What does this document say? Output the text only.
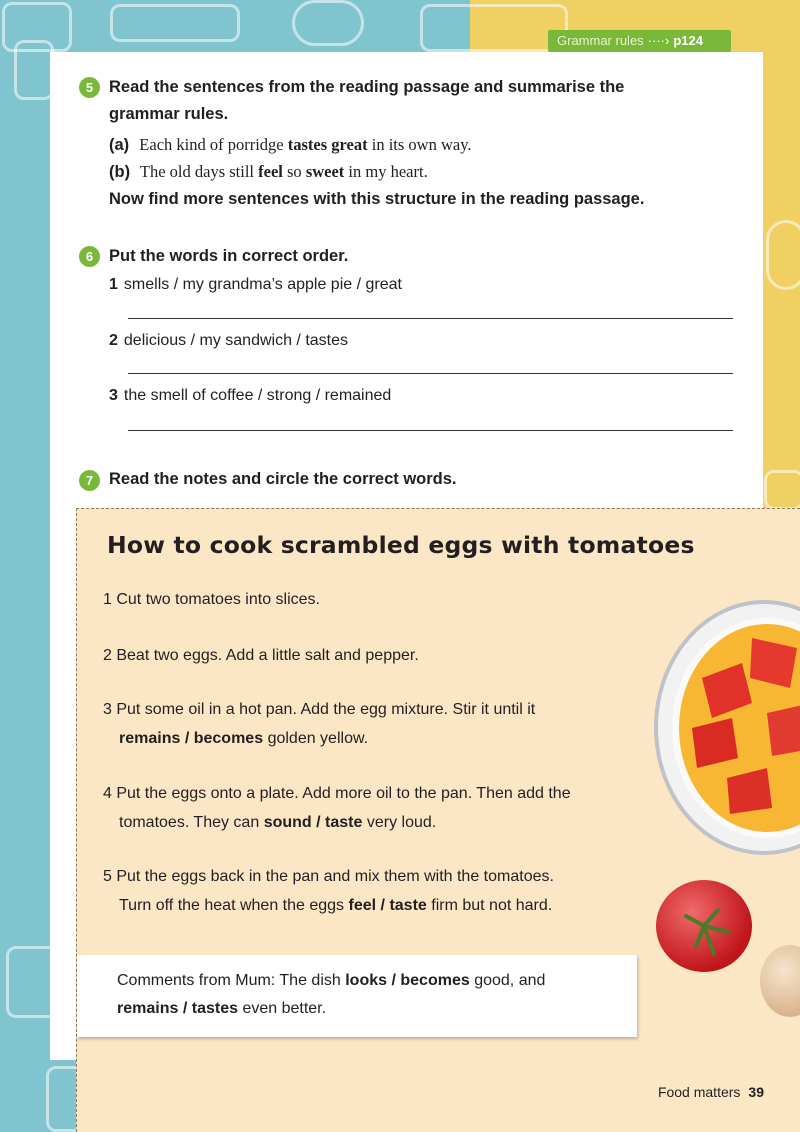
Grammar rules ····› p124
5 Read the sentences from the reading passage and summarise the
grammar rules.
(a) Each kind of porridge tastes great in its own way.
(b) The old days still feel so sweet in my heart.
Now find more sentences with this structure in the reading passage.
6 Put the words in correct order.
1 smells / my grandma’s apple pie / great
2 delicious / my sandwich / tastes
3 the smell of coffee / strong / remained
7 Read the notes and circle the correct words.
How to cook scrambled eggs with tomatoes
1 Cut two tomatoes into slices.
2 Beat two eggs. Add a little salt and pepper.
3 Put some oil in a hot pan. Add the egg mixture. Stir it until it
remains / becomes golden yellow.
4 Put the eggs onto a plate. Add more oil to the pan. Then add the
tomatoes. They can sound / taste very loud.
5 Put the eggs back in the pan and mix them with the tomatoes.
Turn off the heat when the eggs feel / taste firm but not hard.
Comments from Mum: The dish looks / becomes good, and
remains / tastes even better.
Food matters 39
